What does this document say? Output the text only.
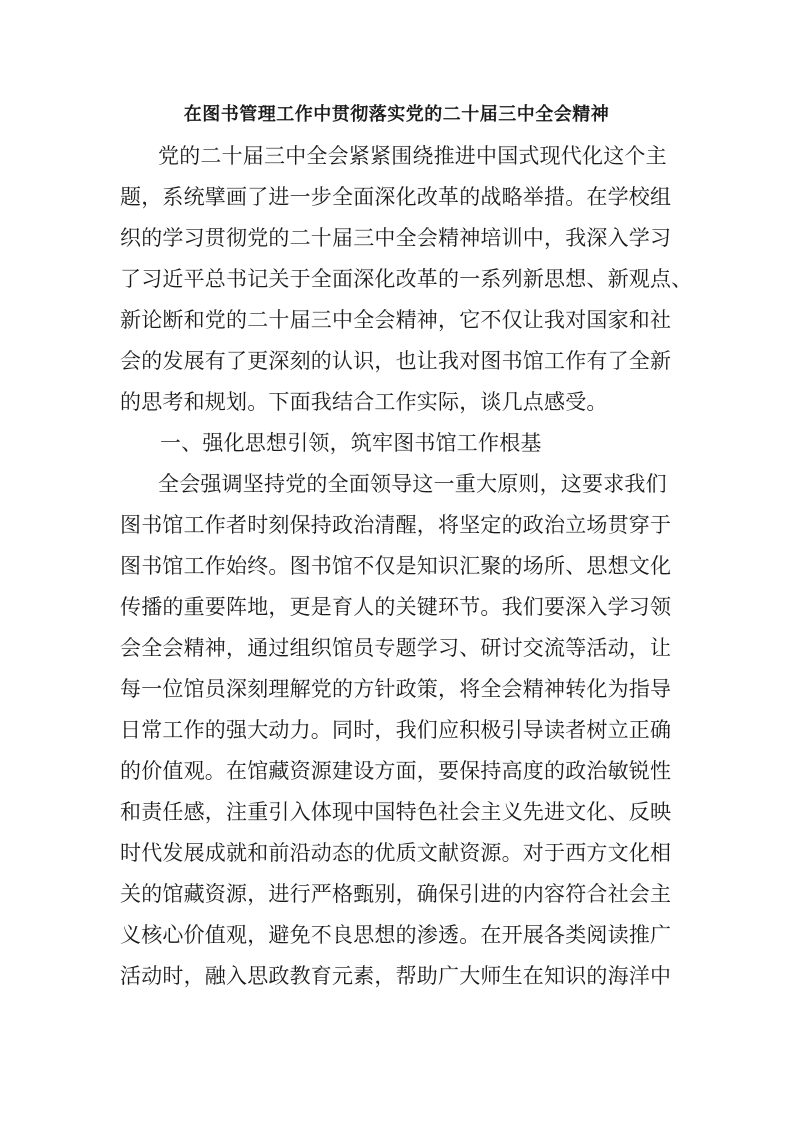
在图书管理工作中贯彻落实党的二十届三中全会精神
党的二十届三中全会紧紧围绕推进中国式现代化这个主
题，系统擘画了进一步全面深化改革的战略举措。在学校组
织的学习贯彻党的二十届三中全会精神培训中，我深入学习
了习近平总书记关于全面深化改革的一系列新思想、新观点、
新论断和党的二十届三中全会精神，它不仅让我对国家和社
会的发展有了更深刻的认识，也让我对图书馆工作有了全新
的思考和规划。下面我结合工作实际，谈几点感受。
一、强化思想引领，筑牢图书馆工作根基
全会强调坚持党的全面领导这一重大原则，这要求我们
图书馆工作者时刻保持政治清醒，将坚定的政治立场贯穿于
图书馆工作始终。图书馆不仅是知识汇聚的场所、思想文化
传播的重要阵地，更是育人的关键环节。我们要深入学习领
会全会精神，通过组织馆员专题学习、研讨交流等活动，让
每一位馆员深刻理解党的方针政策，将全会精神转化为指导
日常工作的强大动力。同时，我们应积极引导读者树立正确
的价值观。在馆藏资源建设方面，要保持高度的政治敏锐性
和责任感，注重引入体现中国特色社会主义先进文化、反映
时代发展成就和前沿动态的优质文献资源。对于西方文化相
关的馆藏资源，进行严格甄别，确保引进的内容符合社会主
义核心价值观，避免不良思想的渗透。在开展各类阅读推广
活动时，融入思政教育元素，帮助广大师生在知识的海洋中
